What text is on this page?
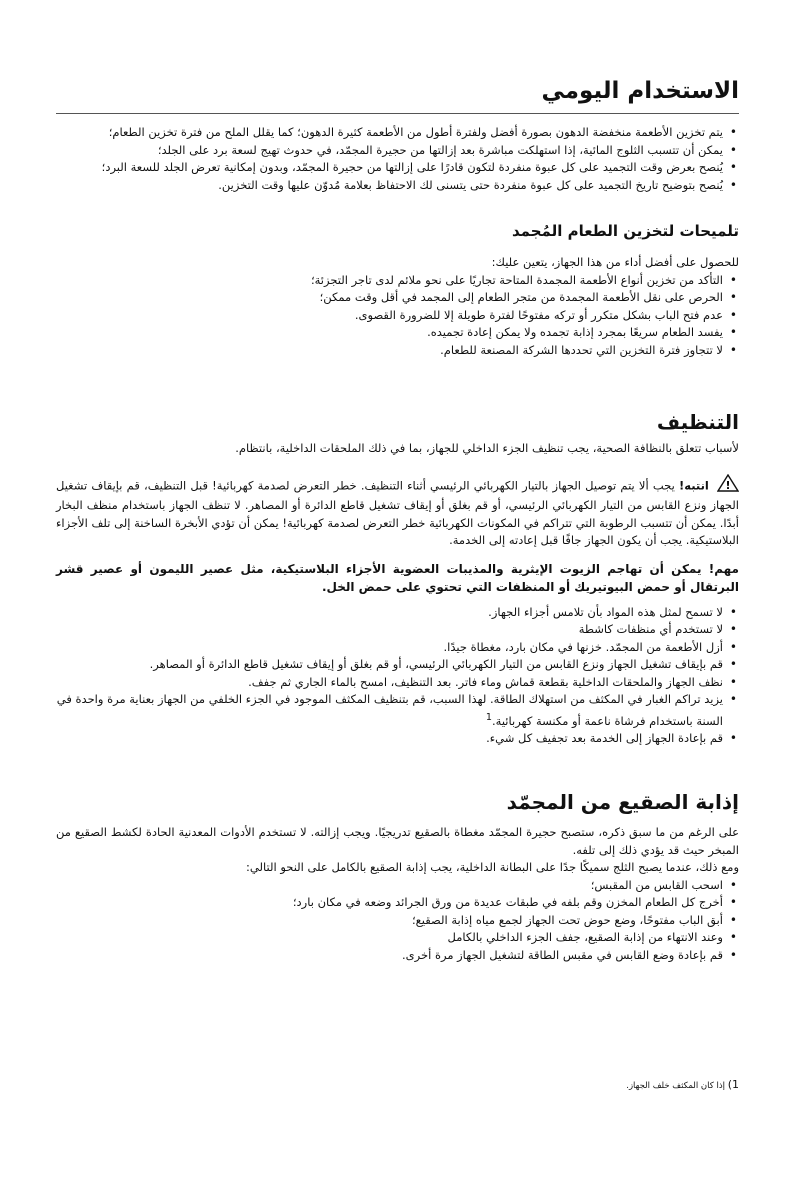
الاستخدام اليومي
• يتم تخزين الأطعمة منخفضة الدهون بصورة أفضل ولفترة أطول من الأطعمة كثيرة الدهون؛ كما يقلل الملح من فترة تخزين الطعام؛
• يمكن أن تتسبب الثلوج المائية، إذا استهلكت مباشرة بعد إزالتها من حجيرة المجمّد، في حدوث تهيج لسعة برد على الجلد؛
• يُنصح بعرض وقت التجميد على كل عبوة منفردة لتكون قادرًا على إزالتها من حجيرة المجمّد، وبدون إمكانية تعرض الجلد للسعة البرد؛
• يُنصح بتوضيح تاريخ التجميد على كل عبوة منفردة حتى يتسنى لك الاحتفاظ بعلامة مُدوّن عليها وقت التخزين.
تلميحات لتخزين الطعام المُجمد

للحصول على أفضل أداء من هذا الجهاز، يتعين عليك:

• التأكد من تخزين أنواع الأطعمة المجمدة المتاحة تجاريًا على نحو ملائم لدى تاجر التجزئة؛
• الحرص على نقل الأطعمة المجمدة من متجر الطعام إلى المجمد في أقل وقت ممكن؛
• عدم فتح الباب بشكل متكرر أو تركه مفتوحًا لفترة طويلة إلا للضرورة القصوى.
• يفسد الطعام سريعًا بمجرد إذابة تجمده ولا يمكن إعادة تجميده.
• لا تتجاوز فترة التخزين التي تحددها الشركة المصنعة للطعام.
التنظيف

لأسباب تتعلق بالنظافة الصحية، يجب تنظيف الجزء الداخلي للجهاز، بما في ذلك الملحقات الداخلية، بانتظام.

!
انتبه! يجب ألا يتم توصيل الجهاز بالتيار الكهربائي الرئيسي أثناء التنظيف. خطر التعرض لصدمة كهربائية! قبل التنظيف، قم بإيقاف تشغيل الجهاز ونزع القابس من التيار الكهربائي الرئيسي، أو قم بغلق أو إيقاف تشغيل قاطع الدائرة أو المصاهر. لا تنظف الجهاز باستخدام منظف البخار أبدًا. يمكن أن تتسبب الرطوبة التي تتراكم في المكونات الكهربائية خطر التعرض لصدمة كهربائية! يمكن أن تؤدي الأبخرة الساخنة إلى تلف الأجزاء البلاستيكية. يجب أن يكون الجهاز جافًا قبل إعادته إلى الخدمة.

مهم! يمكن أن تهاجم الزيوت الإيثرية والمذيبات العضوية الأجزاء البلاستيكية، مثل عصير الليمون أو عصير قشر البرتقال أو حمض البيوتيريك أو المنظفات التي تحتوي على حمض الخل.

• لا تسمح لمثل هذه المواد بأن تلامس أجزاء الجهاز.
• لا تستخدم أي منظفات كاشطة
• أزل الأطعمة من المجمّد. خزنها في مكان بارد، مغطاة جيدًا.
• قم بإيقاف تشغيل الجهاز ونزع القابس من التيار الكهربائي الرئيسي، أو قم بغلق أو إيقاف تشغيل قاطع الدائرة أو المصاهر.
• نظف الجهاز والملحقات الداخلية بقطعة قماش وماء فاتر. بعد التنظيف، امسح بالماء الجاري ثم جفف.
• يزيد تراكم الغبار في المكثف من استهلاك الطاقة. لهذا السبب، قم بتنظيف المكثف الموجود في الجزء الخلفي من الجهاز بعناية مرة واحدة في السنة باستخدام فرشاة ناعمة أو مكنسة كهربائية.$^1$
• قم بإعادة الجهاز إلى الخدمة بعد تجفيف كل شيء.
إذابة الصقيع من المجمّد

على الرغم من ما سبق ذكره، ستصبح حجيرة المجمّد مغطاة بالصقيع تدريجيًا. ويجب إزالته. لا تستخدم الأدوات المعدنية الحادة لكشط الصقيع من المبخر حيث قد يؤدي ذلك إلى تلفه.

ومع ذلك، عندما يصبح الثلج سميكًا جدًا على البطانة الداخلية، يجب إذابة الصقيع بالكامل على النحو التالي:

• اسحب القابس من المقبس؛
• أخرج كل الطعام المخزن وقم بلفه في طبقات عديدة من ورق الجرائد وضعه في مكان بارد؛
• أبق الباب مفتوحًا، وضع حوض تحت الجهاز لجمع مياه إذابة الصقيع؛
• وعند الانتهاء من إذابة الصقيع، جفف الجزء الداخلي بالكامل
• قم بإعادة وضع القابس في مقبس الطاقة لتشغيل الجهاز مرة أخرى.
1) إذا كان المكثف خلف الجهاز.
